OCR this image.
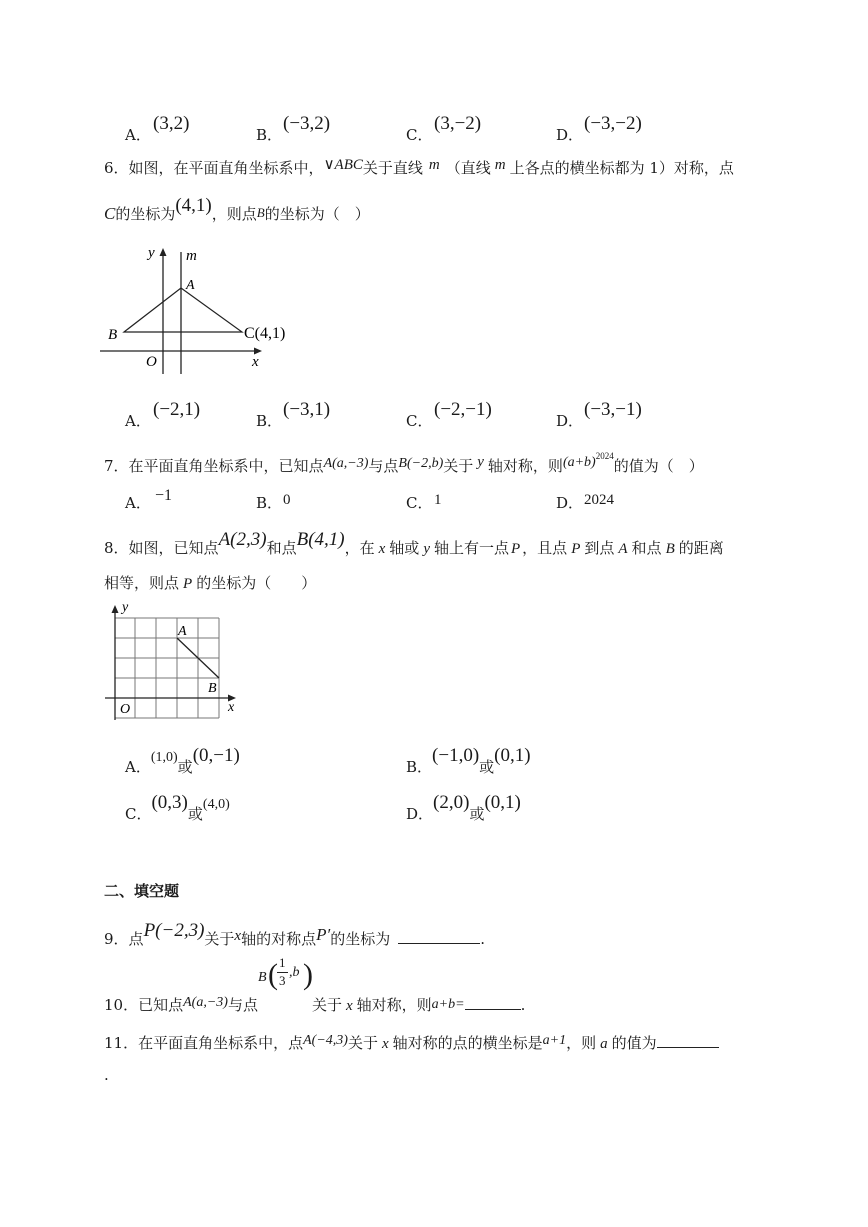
A．
(3,2)
B．
(−3,2)
C．
(3,−2)
D．
(−3,−2)
6．如图，在平面直角坐标系中，∨ABC关于直线 m （直线 m 上各点的横坐标都为 1）对称，点
C的坐标为(4,1)，则点B的坐标为（　）
y m
A
B	C(4,1)
O	x
A．
(−2,1)
B．
(−3,1)
C．
(−2,−1)
D．
(−3,−1)
7．在平面直角坐标系中，已知点A(a,−3)与点B(−2,b)关于 y 轴对称，则$(a+b)^{2024}$的值为（　）
A． −1	B． 0	C． 1	D． 2024
8．如图，已知点A(2,3)和点B(4,1)，在 x 轴或 y 轴上有一点 P ，且点 P 到点 A 和点 B 的距离
相等，则点 P 的坐标为（　　）
y
x
O
A
B
A．(1,0)或(0,−1)
B．(−1,0)或(0,1)
C．(0,3)或(4,0)
D．(2,0)或(0,1)
二、填空题
9．点P(−2,3)关于x轴的对称点P′的坐标为	.
10．已知点A(a,−3)与点
B ( 1
3
,b )
关于 x 轴对称，则a+b=	.
11．在平面直角坐标系中，点A(−4,3)关于 x 轴对称的点的横坐标是a+1，则 a 的值为
.
